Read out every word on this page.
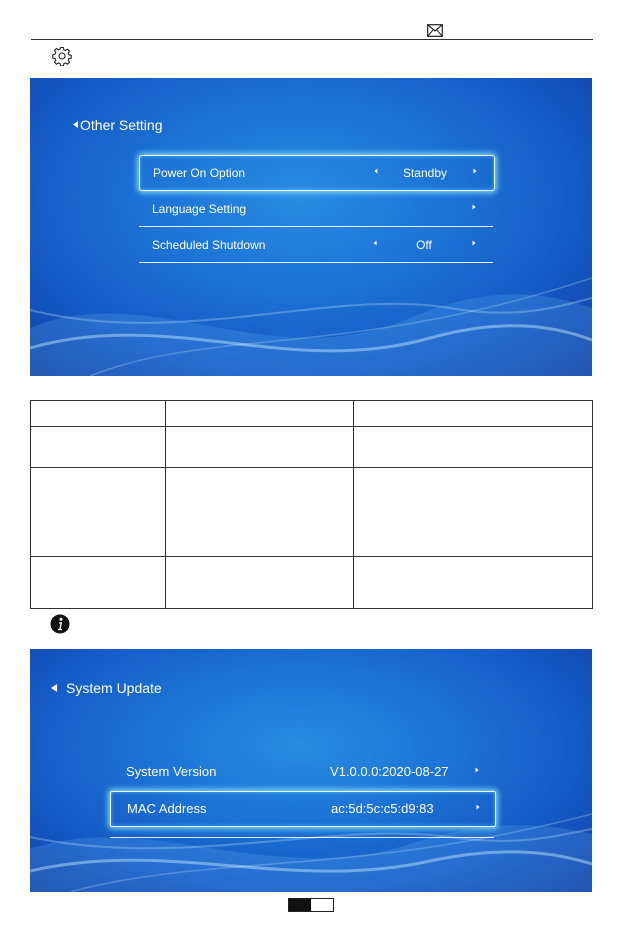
Other Setting
Power On Option	Standby
Language Setting
Scheduled Shutdown	Off

System Update
System Version	V1.0.0.0:2020-08-27
MAC Address	ac:5d:5c:c5:d9:83
